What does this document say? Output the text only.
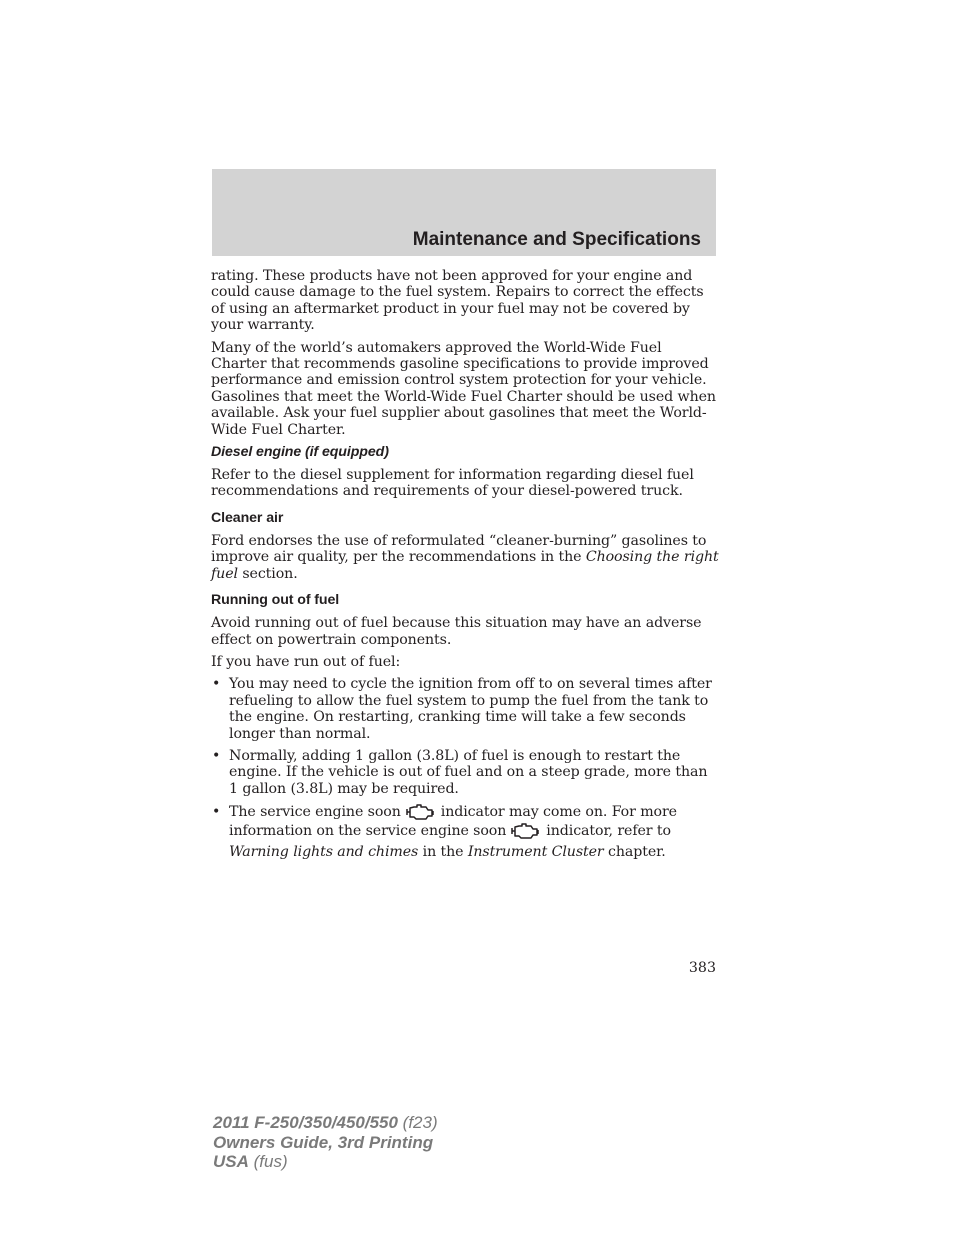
Maintenance and Specifications

rating. These products have not been approved for your engine and could cause damage to the fuel system. Repairs to correct the effects of using an aftermarket product in your fuel may not be covered by your warranty.

Many of the world’s automakers approved the World-Wide Fuel Charter that recommends gasoline specifications to provide improved performance and emission control system protection for your vehicle. Gasolines that meet the World-Wide Fuel Charter should be used when available. Ask your fuel supplier about gasolines that meet the World-Wide Fuel Charter.

Diesel engine (if equipped)

Refer to the diesel supplement for information regarding diesel fuel recommendations and requirements of your diesel-powered truck.

Cleaner air

Ford endorses the use of reformulated “cleaner-burning” gasolines to improve air quality, per the recommendations in the Choosing the right fuel section.

Running out of fuel

Avoid running out of fuel because this situation may have an adverse effect on powertrain components.

If you have run out of fuel:

• You may need to cycle the ignition from off to on several times after refueling to allow the fuel system to pump the fuel from the tank to the engine. On restarting, cranking time will take a few seconds longer than normal.
• Normally, adding 1 gallon (3.8L) of fuel is enough to restart the engine. If the vehicle is out of fuel and on a steep grade, more than 1 gallon (3.8L) may be required.
• The service engine soon	indicator may come on. For more information on the service engine soon	indicator, refer to
Warning lights and chimes in the Instrument Cluster chapter.
383
2011 F-250/350/450/550 (f23)
Owners Guide, 3rd Printing
USA (fus)
